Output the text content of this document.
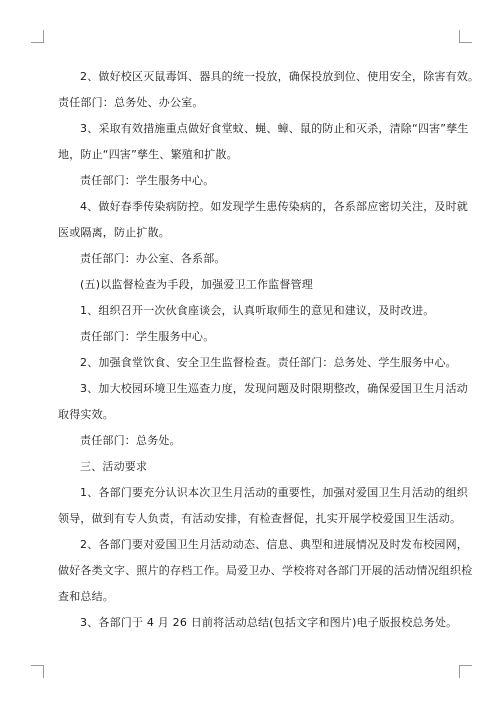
2、做好校区灭鼠毒饵、器具的统一投放，确保投放到位、使用安全，除害有效。
责任部门：总务处、办公室。
3、采取有效措施重点做好食堂蚊、蝇、蟑、鼠的防止和灭杀，清除“四害”孳生
地，防止“四害”孳生、繁殖和扩散。
责任部门：学生服务中心。
4、做好春季传染病防控。如发现学生患传染病的，各系部应密切关注，及时就
医或隔离，防止扩散。
责任部门：办公室、各系部。
(五)以监督检查为手段，加强爱卫工作监督管理
1、组织召开一次伙食座谈会，认真听取师生的意见和建议，及时改进。
责任部门：学生服务中心。
2、加强食堂饮食、安全卫生监督检查。责任部门：总务处、学生服务中心。
3、加大校园环境卫生巡查力度，发现问题及时限期整改，确保爱国卫生月活动
取得实效。
责任部门：总务处。
三、活动要求
1、各部门要充分认识本次卫生月活动的重要性，加强对爱国卫生月活动的组织
领导，做到有专人负责，有活动安排，有检查督促，扎实开展学校爱国卫生活动。
2、各部门要对爱国卫生月活动动态、信息、典型和进展情况及时发布校园网，
做好各类文字、照片的存档工作。局爱卫办、学校将对各部门开展的活动情况组织检
查和总结。
3、各部门于 4 月 26 日前将活动总结(包括文字和图片)电子版报校总务处。
